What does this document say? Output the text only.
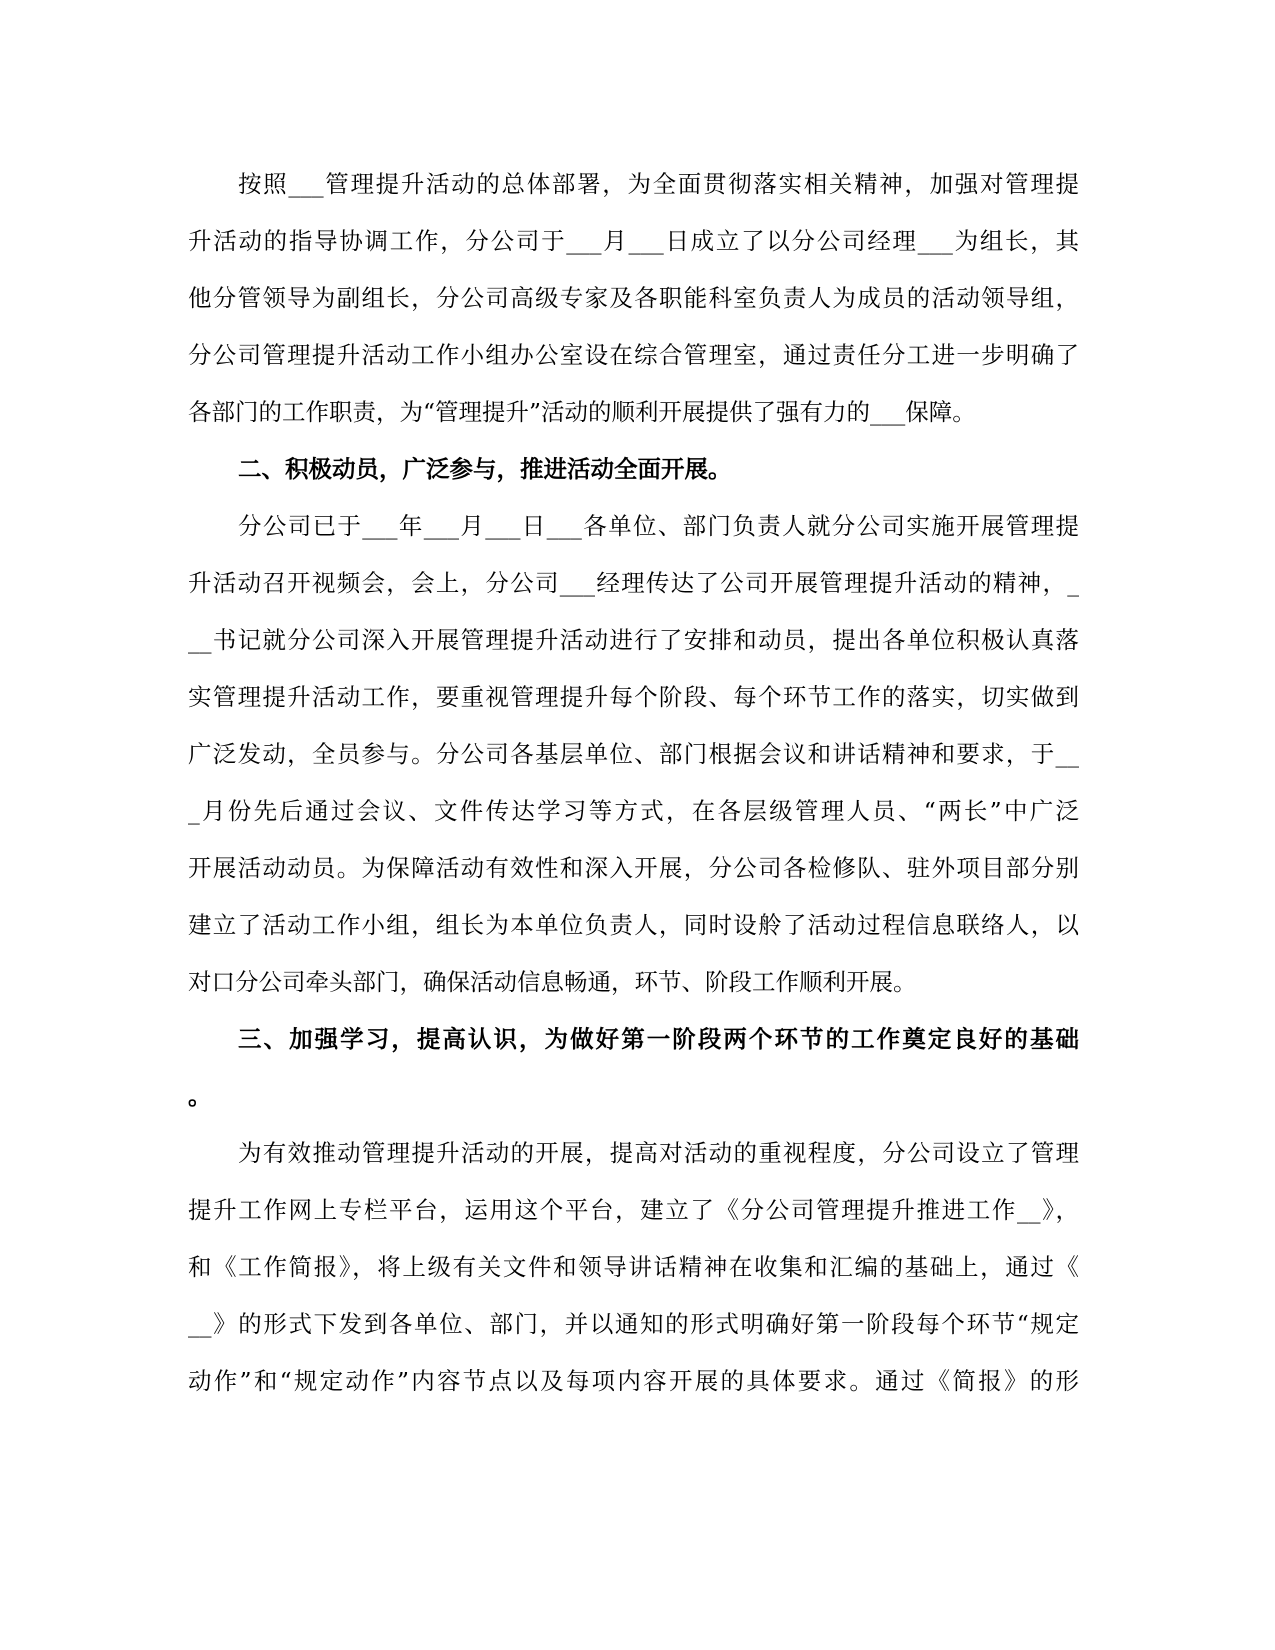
按照___管理提升活动的总体部署，为全面贯彻落实相关精神，加强对管理提
升活动的指导协调工作，分公司于___月___日成立了以分公司经理___为组长，其
他分管领导为副组长，分公司高级专家及各职能科室负责人为成员的活动领导组，
分公司管理提升活动工作小组办公室设在综合管理室，通过责任分工进一步明确了
各部门的工作职责，为“管理提升”活动的顺利开展提供了强有力的___保障。
二、积极动员，广泛参与，推进活动全面开展。
分公司已于___年___月___日___各单位、部门负责人就分公司实施开展管理提
升活动召开视频会，会上，分公司___经理传达了公司开展管理提升活动的精神，_
__书记就分公司深入开展管理提升活动进行了安排和动员，提出各单位积极认真落
实管理提升活动工作，要重视管理提升每个阶段、每个环节工作的落实，切实做到
广泛发动，全员参与。分公司各基层单位、部门根据会议和讲话精神和要求，于__
_月份先后通过会议、文件传达学习等方式，在各层级管理人员、“两长”中广泛
开展活动动员。为保障活动有效性和深入开展，分公司各检修队、驻外项目部分别
建立了活动工作小组，组长为本单位负责人，同时设舲了活动过程信息联络人，以
对口分公司牵头部门，确保活动信息畅通，环节、阶段工作顺利开展。
三、加强学习，提高认识，为做好第一阶段两个环节的工作奠定良好的基础
。
为有效推动管理提升活动的开展，提高对活动的重视程度，分公司设立了管理
提升工作网上专栏平台，运用这个平台，建立了《分公司管理提升推进工作__》，
和《工作简报》，将上级有关文件和领导讲话精神在收集和汇编的基础上，通过《
__》的形式下发到各单位、部门，并以通知的形式明确好第一阶段每个环节“规定
动作”和“规定动作”内容节点以及每项内容开展的具体要求。通过《简报》的形
